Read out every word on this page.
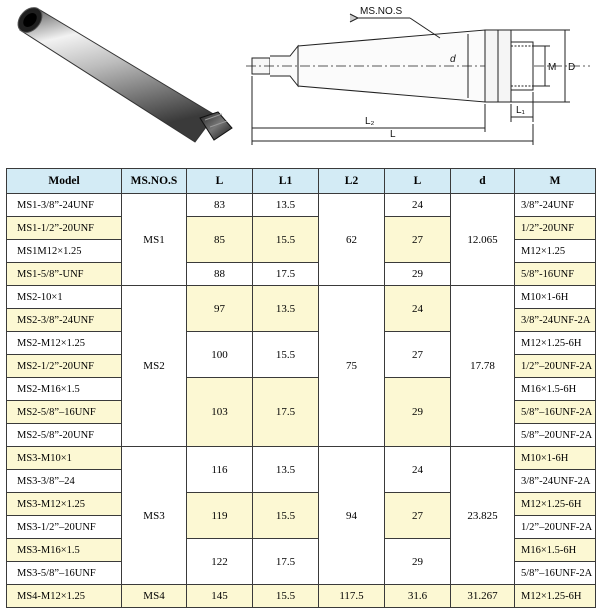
MS.NO.S
d
M D
L₁
L₂
L
Model	MS.NO.S	L	L1	L2	L	d	M
MS1-3/8”-24UNF	MS1	83	13.5	62	24	12.065	3/8”-24UNF
MS1-1/2”-20UNF		85	15.5		27		1/2”-20UNF
MS1M12×1.25							M12×1.25
MS1-5/8”-UNF		88	17.5		29		5/8”-16UNF
MS2-10×1	MS2	97	13.5	75	24	17.78	M10×1-6H
MS2-3/8”-24UNF							3/8”-24UNF-2A
MS2-M12×1.25		100	15.5		27		M12×1.25-6H
MS2-1/2”-20UNF							1/2”–20UNF-2A
MS2-M16×1.5		103	17.5		29		M16×1.5-6H
MS2-5/8”–16UNF							5/8”–16UNF-2A
MS2-5/8”-20UNF							5/8”–20UNF-2A
MS3-M10×1	MS3	116	13.5	94	24	23.825	M10×1-6H
MS3-3/8”–24							3/8”-24UNF-2A
MS3-M12×1.25		119	15.5		27		M12×1.25-6H
MS3-1/2”–20UNF							1/2”–20UNF-2A
MS3-M16×1.5		122	17.5		29		M16×1.5-6H
MS3-5/8”–16UNF							5/8”–16UNF-2A
MS4-M12×1.25	MS4	145	15.5	117.5	31.6	31.267	M12×1.25-6H
